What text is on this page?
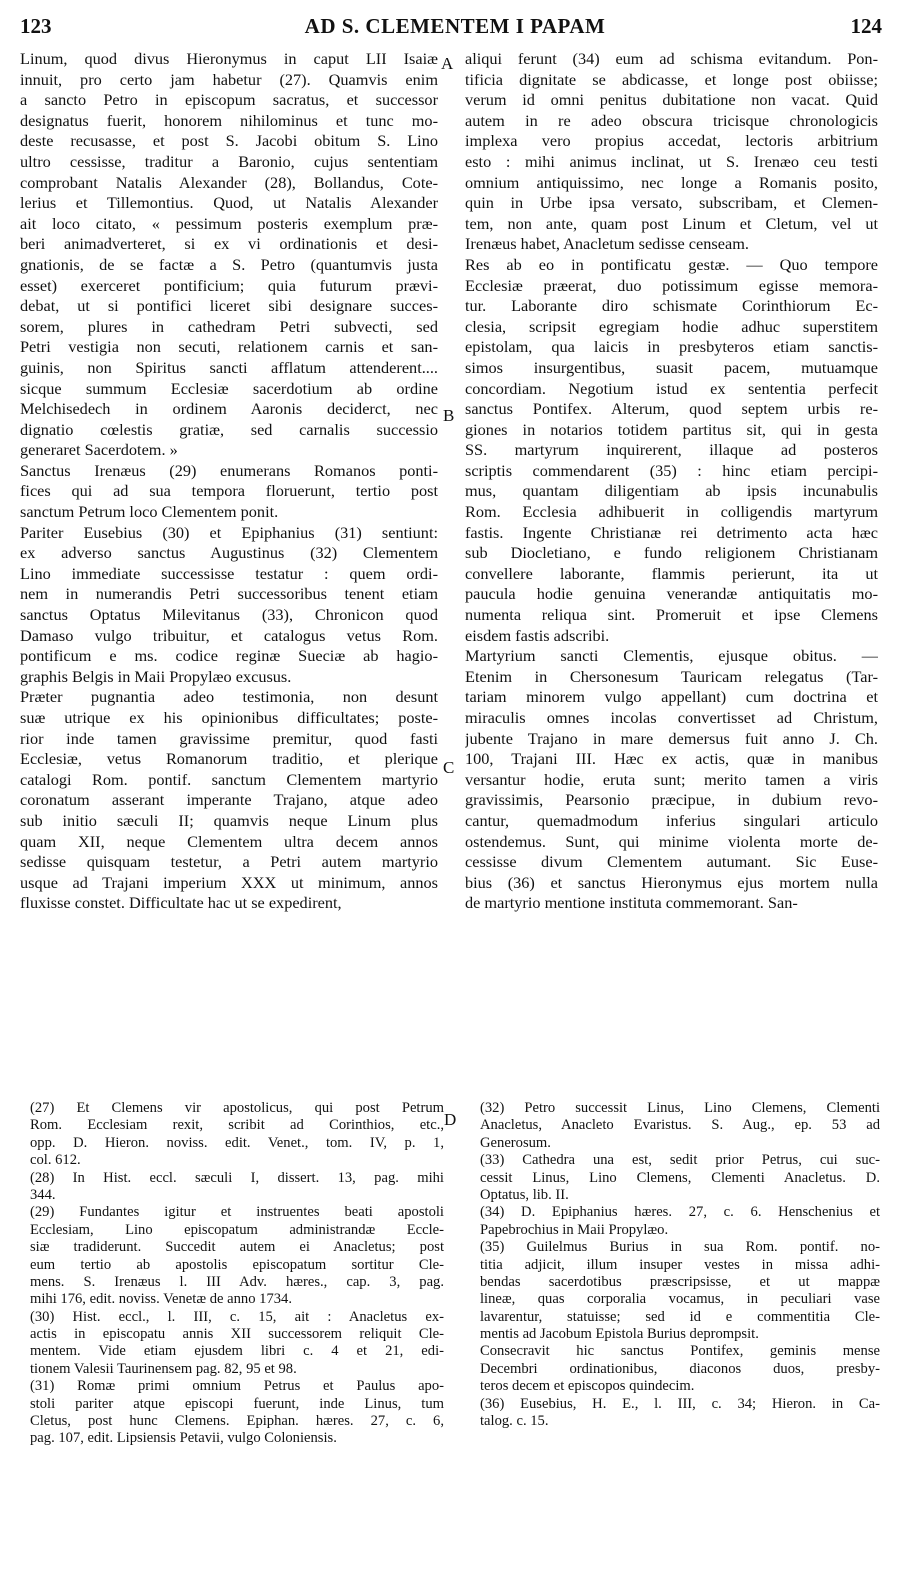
123	AD S. CLEMENTEM I PAPAM	124
Linum, quod divus Hieronymus in caput LII Isaiæ
innuit, pro certo jam habetur (27). Quamvis enim
a sancto Petro in episcopum sacratus, et successor
designatus fuerit, honorem nihilominus et tunc mo-
deste recusasse, et post S. Jacobi obitum S. Lino
ultro cessisse, traditur a Baronio, cujus sententiam
comprobant Natalis Alexander (28), Bollandus, Cote-
lerius et Tillemontius. Quod, ut Natalis Alexander
ait loco citato, « pessimum posteris exemplum præ-
beri animadverteret, si ex vi ordinationis et desi-
gnationis, de se factæ a S. Petro (quantumvis justa
esset) exerceret pontificium; quia futurum prævi-
debat, ut si pontifici liceret sibi designare succes-
sorem, plures in cathedram Petri subvecti, sed
Petri vestigia non secuti, relationem carnis et san-
guinis, non Spiritus sancti afflatum attenderent....
sicque summum Ecclesiæ sacerdotium ab ordine
Melchisedech in ordinem Aaronis deciderct, nec
dignatio cœlestis gratiæ, sed carnalis successio
generaret Sacerdotem. »
Sanctus Irenæus (29) enumerans Romanos ponti-
fices qui ad sua tempora floruerunt, tertio post
sanctum Petrum loco Clementem ponit.
Pariter Eusebius (30) et Epiphanius (31) sentiunt:
ex adverso sanctus Augustinus (32) Clementem
Lino immediate successisse testatur : quem ordi-
nem in numerandis Petri successoribus tenent etiam
sanctus Optatus Milevitanus (33), Chronicon quod
Damaso vulgo tribuitur, et catalogus vetus Rom.
pontificum e ms. codice reginæ Sueciæ ab hagio-
graphis Belgis in Maii Propylæo excusus.
Præter pugnantia adeo testimonia, non desunt
suæ utrique ex his opinionibus difficultates; poste-
rior inde tamen gravissime premitur, quod fasti
Ecclesiæ, vetus Romanorum traditio, et plerique
catalogi Rom. pontif. sanctum Clementem martyrio
coronatum asserant imperante Trajano, atque adeo
sub initio sæculi II; quamvis neque Linum plus
quam XII, neque Clementem ultra decem annos
sedisse quisquam testetur, a Petri autem martyrio
usque ad Trajani imperium XXX ut minimum, annos
fluxisse constet. Difficultate hac ut se expedirent,
aliqui ferunt (34) eum ad schisma evitandum. Pon-
tificia dignitate se abdicasse, et longe post obiisse;
verum id omni penitus dubitatione non vacat. Quid
autem in re adeo obscura tricisque chronologicis
implexa vero propius accedat, lectoris arbitrium
esto : mihi animus inclinat, ut S. Irenæo ceu testi
omnium antiquissimo, nec longe a Romanis posito,
quin in Urbe ipsa versato, subscribam, et Clemen-
tem, non ante, quam post Linum et Cletum, vel ut
Irenæus habet, Anacletum sedisse censeam.
Res ab eo in pontificatu gestæ. — Quo tempore
Ecclesiæ præerat, duo potissimum egisse memora-
tur. Laborante diro schismate Corinthiorum Ec-
clesia, scripsit egregiam hodie adhuc superstitem
epistolam, qua laicis in presbyteros etiam sanctis-
simos insurgentibus, suasit pacem, mutuamque
concordiam. Negotium istud ex sententia perfecit
sanctus Pontifex. Alterum, quod septem urbis re-
giones in notarios totidem partitus sit, qui in gesta
SS. martyrum inquirerent, illaque ad posteros
scriptis commendarent (35) : hinc etiam percipi-
mus, quantam diligentiam ab ipsis incunabulis
Rom. Ecclesia adhibuerit in colligendis martyrum
fastis. Ingente Christianæ rei detrimento acta hæc
sub Diocletiano, e fundo religionem Christianam
convellere laborante, flammis perierunt, ita ut
paucula hodie genuina venerandæ antiquitatis mo-
numenta reliqua sint. Promeruit et ipse Clemens
eisdem fastis adscribi.
Martyrium sancti Clementis, ejusque obitus. —
Etenim in Chersonesum Tauricam relegatus (Tar-
tariam minorem vulgo appellant) cum doctrina et
miraculis omnes incolas convertisset ad Christum,
jubente Trajano in mare demersus fuit anno J. Ch.
100, Trajani III. Hæc ex actis, quæ in manibus
versantur hodie, eruta sunt; merito tamen a viris
gravissimis, Pearsonio præcipue, in dubium revo-
cantur, quemadmodum inferius singulari articulo
ostendemus. Sunt, qui minime violenta morte de-
cessisse divum Clementem autumant. Sic Euse-
bius (36) et sanctus Hieronymus ejus mortem nulla
de martyrio mentione instituta commemorant. San-
A
B
C
D
(27) Et Clemens vir apostolicus, qui post Petrum
Rom. Ecclesiam rexit, scribit ad Corinthios, etc.,
opp. D. Hieron. noviss. edit. Venet., tom. IV, p. 1,
col. 612.
(28) In Hist. eccl. sæculi I, dissert. 13, pag. mihi
344.
(29) Fundantes igitur et instruentes beati apostoli
Ecclesiam, Lino episcopatum administrandæ Eccle-
siæ tradiderunt. Succedit autem ei Anacletus; post
eum tertio ab apostolis episcopatum sortitur Cle-
mens. S. Irenæus l. III Adv. hæres., cap. 3, pag.
mihi 176, edit. noviss. Venetæ de anno 1734.
(30) Hist. eccl., l. III, c. 15, ait : Anacletus ex-
actis in episcopatu annis XII successorem reliquit Cle-
mentem. Vide etiam ejusdem libri c. 4 et 21, edi-
tionem Valesii Taurinensem pag. 82, 95 et 98.
(31) Romæ primi omnium Petrus et Paulus apo-
stoli pariter atque episcopi fuerunt, inde Linus, tum
Cletus, post hunc Clemens. Epiphan. hæres. 27, c. 6,
pag. 107, edit. Lipsiensis Petavii, vulgo Coloniensis.
(32) Petro successit Linus, Lino Clemens, Clementi
Anacletus, Anacleto Evaristus. S. Aug., ep. 53 ad
Generosum.
(33) Cathedra una est, sedit prior Petrus, cui suc-
cessit Linus, Lino Clemens, Clementi Anacletus. D.
Optatus, lib. II.
(34) D. Epiphanius hæres. 27, c. 6. Henschenius et
Papebrochius in Maii Propylæo.
(35) Guilelmus Burius in sua Rom. pontif. no-
titia adjicit, illum insuper vestes in missa adhi-
bendas sacerdotibus præscripsisse, et ut mappæ
lineæ, quas corporalia vocamus, in peculiari vase
lavarentur, statuisse; sed id e commentitia Cle-
mentis ad Jacobum Epistola Burius deprompsit.
Consecravit hic sanctus Pontifex, geminis mense
Decembri ordinationibus, diaconos duos, presby-
teros decem et episcopos quindecim.
(36) Eusebius, H. E., l. III, c. 34; Hieron. in Ca-
talog. c. 15.
